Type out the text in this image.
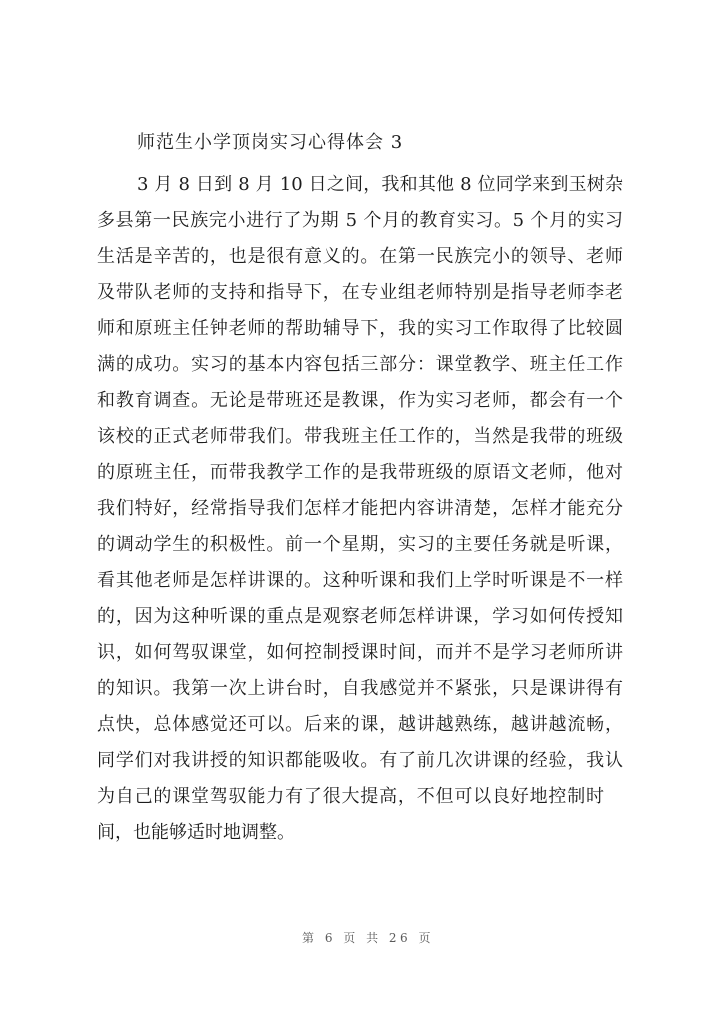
师范生小学顶岗实习心得体会 3
3 月 8 日到 8 月 10 日之间，我和其他 8 位同学来到玉树杂
多县第一民族完小进行了为期 5 个月的教育实习。5 个月的实习
生活是辛苦的，也是很有意义的。在第一民族完小的领导、老师
及带队老师的支持和指导下，在专业组老师特别是指导老师李老
师和原班主任钟老师的帮助辅导下，我的实习工作取得了比较圆
满的成功。实习的基本内容包括三部分：课堂教学、班主任工作
和教育调查。无论是带班还是教课，作为实习老师，都会有一个
该校的正式老师带我们。带我班主任工作的，当然是我带的班级
的原班主任，而带我教学工作的是我带班级的原语文老师，他对
我们特好，经常指导我们怎样才能把内容讲清楚，怎样才能充分
的调动学生的积极性。前一个星期，实习的主要任务就是听课，
看其他老师是怎样讲课的。这种听课和我们上学时听课是不一样
的，因为这种听课的重点是观察老师怎样讲课，学习如何传授知
识，如何驾驭课堂，如何控制授课时间，而并不是学习老师所讲
的知识。我第一次上讲台时，自我感觉并不紧张，只是课讲得有
点快，总体感觉还可以。后来的课，越讲越熟练，越讲越流畅，
同学们对我讲授的知识都能吸收。有了前几次讲课的经验，我认
为自己的课堂驾驭能力有了很大提高，不但可以良好地控制时
间，也能够适时地调整。
第 6 页 共 26 页
